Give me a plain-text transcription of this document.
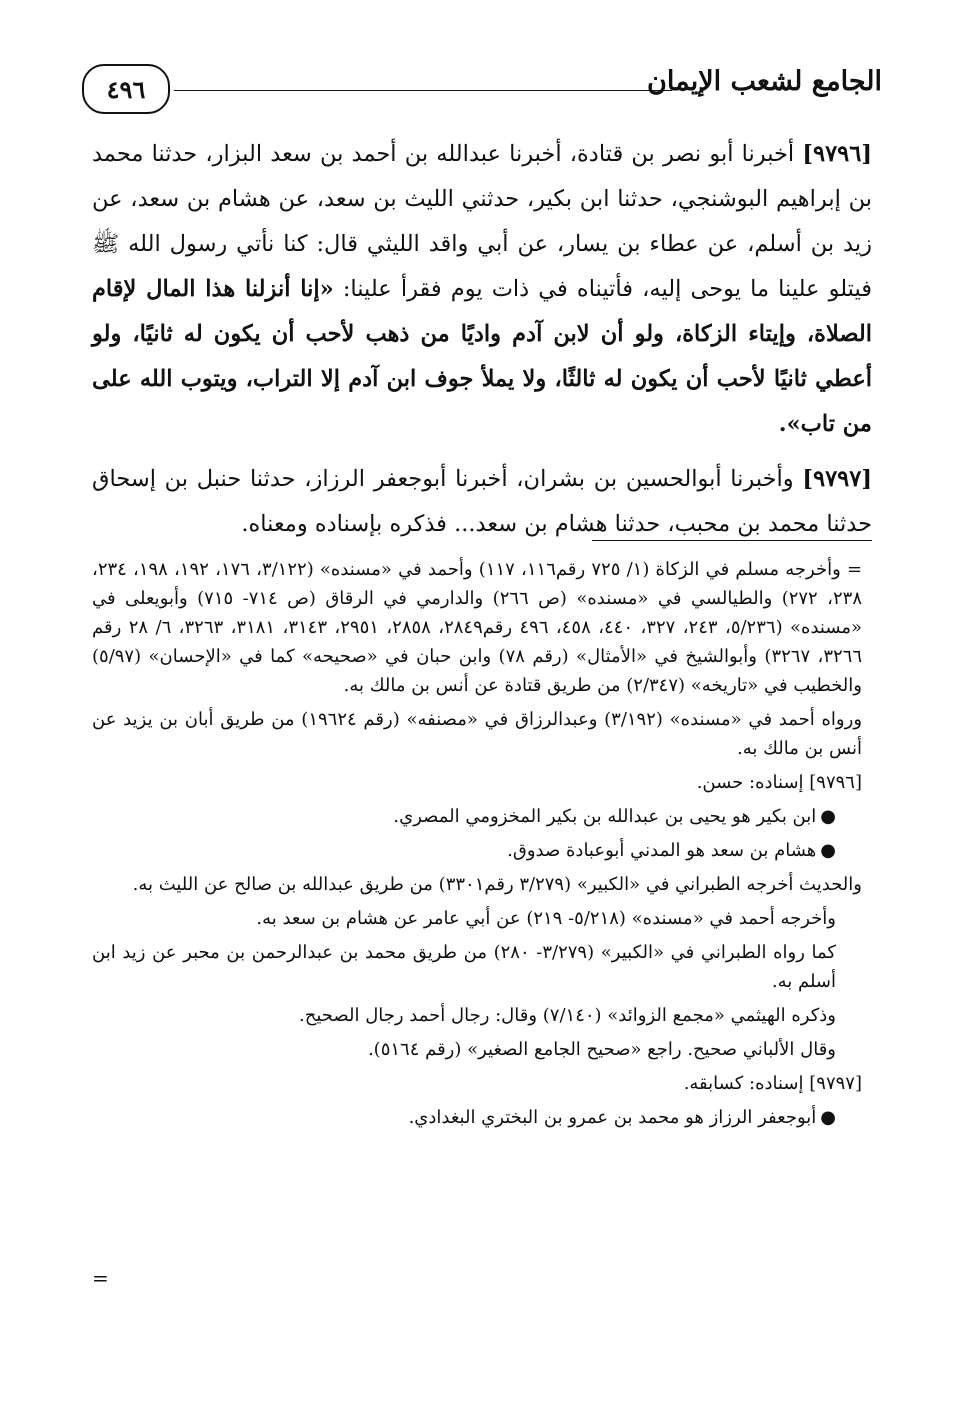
٤٩٦	الجامع لشعب الإيمان

[٩٧٩٦] أخبرنا أبو نصر بن قتادة، أخبرنا عبدالله بن أحمد بن سعد البزار، حدثنا محمد بن إبراهيم البوشنجي، حدثنا ابن بكير، حدثني الليث بن سعد، عن هشام بن سعد، عن زيد بن أسلم، عن عطاء بن يسار، عن أبي واقد الليثي قال: كنا نأتي رسول الله ﷺ فيتلو علينا ما يوحى إليه، فأتيناه في ذات يوم فقرأ علينا: «إنا أنزلنا هذا المال لإقام الصلاة، وإيتاء الزكاة، ولو أن لابن آدم واديًا من ذهب لأحب أن يكون له ثانيًا، ولو أعطي ثانيًا لأحب أن يكون له ثالثًا، ولا يملأ جوف ابن آدم إلا التراب، ويتوب الله على من تاب».

[٩٧٩٧] وأخبرنا أبوالحسين بن بشران، أخبرنا أبوجعفر الرزاز، حدثنا حنبل بن إسحاق حدثنا محمد بن محبب، حدثنا هشام بن سعد... فذكره بإسناده ومعناه.

= وأخرجه مسلم في الزكاة (١/ ٧٢٥ رقم١١٦، ١١٧) وأحمد في «مسنده» (٣/١٢٢، ١٧٦، ١٩٢، ١٩٨، ٢٣٤، ٢٣٨، ٢٧٢) والطيالسي في «مسنده» (ص ٢٦٦) والدارمي في الرقاق (ص ٧١٤- ٧١٥) وأبويعلى في «مسنده» (٥/٢٣٦، ٢٤٣، ٣٢٧، ٤٤٠، ٤٥٨، ٤٩٦ رقم٢٨٤٩، ٢٨٥٨، ٢٩٥١، ٣١٤٣، ٣١٨١، ٣٢٦٣، ٦/ ٢٨ رقم ٣٢٦٦، ٣٢٦٧) وأبوالشيخ في «الأمثال» (رقم ٧٨) وابن حبان في «صحيحه» كما في «الإحسان» (٥/٩٧) والخطيب في «تاريخه» (٢/٣٤٧) من طريق قتادة عن أنس بن مالك به.

ورواه أحمد في «مسنده» (٣/١٩٢) وعبدالرزاق في «مصنفه» (رقم ١٩٦٢٤) من طريق أبان بن يزيد عن أنس بن مالك به.

[٩٧٩٦] إسناده: حسن.

●ابن بكير هو يحيى بن عبدالله بن بكير المخزومي المصري.

●هشام بن سعد هو المدني أبوعبادة صدوق.

والحديث أخرجه الطبراني في «الكبير» (٣/٢٧٩ رقم٣٣٠١) من طريق عبدالله بن صالح عن الليث به.

وأخرجه أحمد في «مسنده» (٥/٢١٨- ٢١٩) عن أبي عامر عن هشام بن سعد به.

كما رواه الطبراني في «الكبير» (٣/٢٧٩- ٢٨٠) من طريق محمد بن عبدالرحمن بن محبر عن زيد ابن أسلم به.

وذكره الهيثمي «مجمع الزوائد» (٧/١٤٠) وقال: رجال أحمد رجال الصحيح.

وقال الألباني صحيح. راجع «صحيح الجامع الصغير» (رقم ٥١٦٤).

[٩٧٩٧] إسناده: كسابقه.

●أبوجعفر الرزاز هو محمد بن عمرو بن البختري البغدادي.

=
